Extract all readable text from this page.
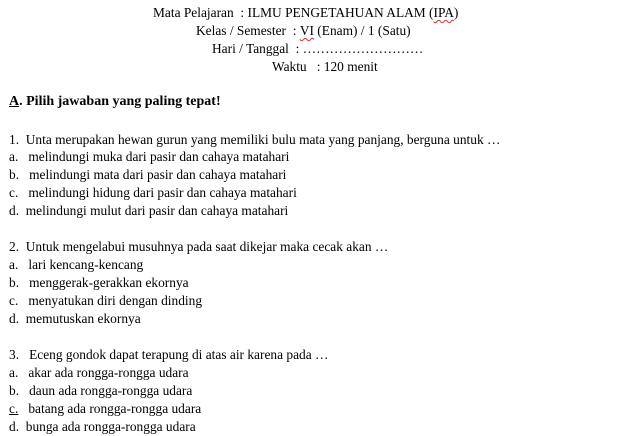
Mata Pelajaran : ILMU PENGETAHUAN ALAM (IPA)
Kelas / Semester : VI (Enam) / 1 (Satu)
Hari / Tanggal : ………………………
Waktu : 120 menit
A. Pilih jawaban yang paling tepat!
1. Unta merupakan hewan gurun yang memiliki bulu mata yang panjang, berguna untuk …
a. melindungi muka dari pasir dan cahaya matahari
b. melindungi mata dari pasir dan cahaya matahari
c. melindungi hidung dari pasir dan cahaya matahari
d. melindungi mulut dari pasir dan cahaya matahari
2. Untuk mengelabui musuhnya pada saat dikejar maka cecak akan …
a. lari kencang-kencang
b. menggerak-gerakkan ekornya
c. menyatukan diri dengan dinding
d. memutuskan ekornya
3. Eceng gondok dapat terapung di atas air karena pada …
a. akar ada rongga-rongga udara
b. daun ada rongga-rongga udara
c. batang ada rongga-rongga udara
d. bunga ada rongga-rongga udara
